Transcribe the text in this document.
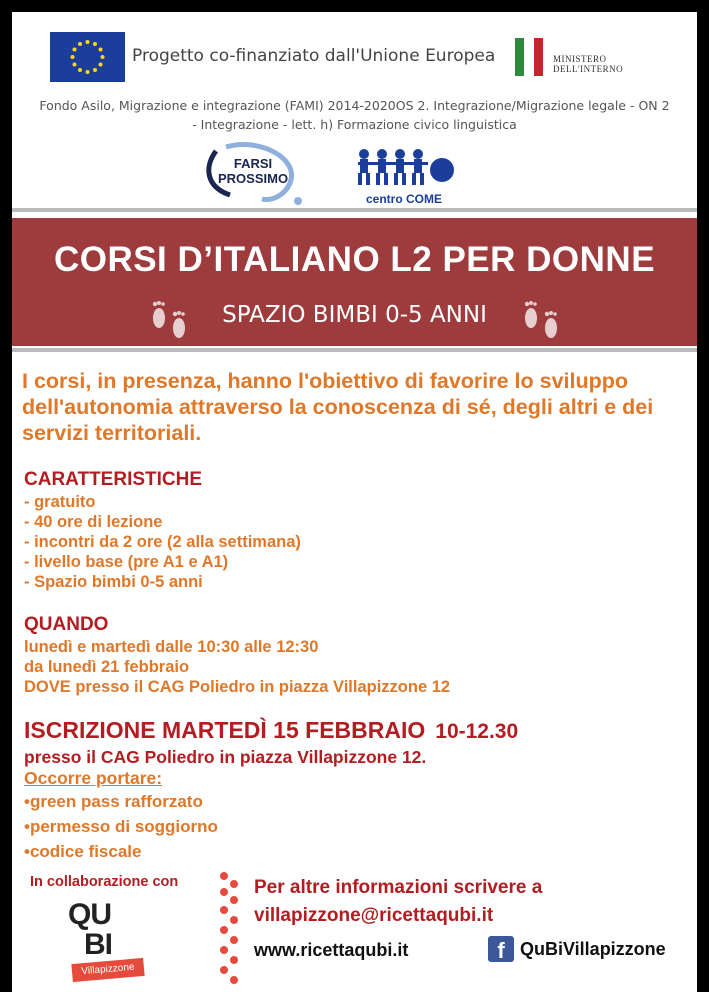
Progetto co-finanziato dall'Unione Europea	MINISTERO
DELL'INTERNO
Fondo Asilo, Migrazione e integrazione (FAMI) 2014-2020OS 2. Integrazione/Migrazione legale - ON 2
- Integrazione - lett. h) Formazione civico linguistica
FARSI
PROSSIMO
centro COME
CORSI D’ITALIANO L2 PER DONNE
SPAZIO BIMBI 0-5 ANNI
I corsi, in presenza, hanno l'obiettivo di favorire lo sviluppo dell'autonomia attraverso la conoscenza di sé, degli altri e dei servizi territoriali.
CARATTERISTICHE
- gratuito
- 40 ore di lezione
- incontri da 2 ore (2 alla settimana)
- livello base (pre A1 e A1)
- Spazio bimbi 0-5 anni
QUANDO
lunedì e martedì dalle 10:30 alle 12:30
da lunedì 21 febbraio
DOVE presso il CAG Poliedro in piazza Villapizzone 12
ISCRIZIONE MARTEDÌ 15 FEBBRAIO 10-12.30
presso il CAG Poliedro in piazza Villapizzone 12.
Occorre portare:
•green pass rafforzato
•permesso di soggiorno
•codice fiscale
In collaborazione con
QU
BI
Villapizzone
Per altre informazioni scrivere a
villapizzone@ricettaqubi.it
www.ricettaqubi.it	f QuBiVillapizzone
